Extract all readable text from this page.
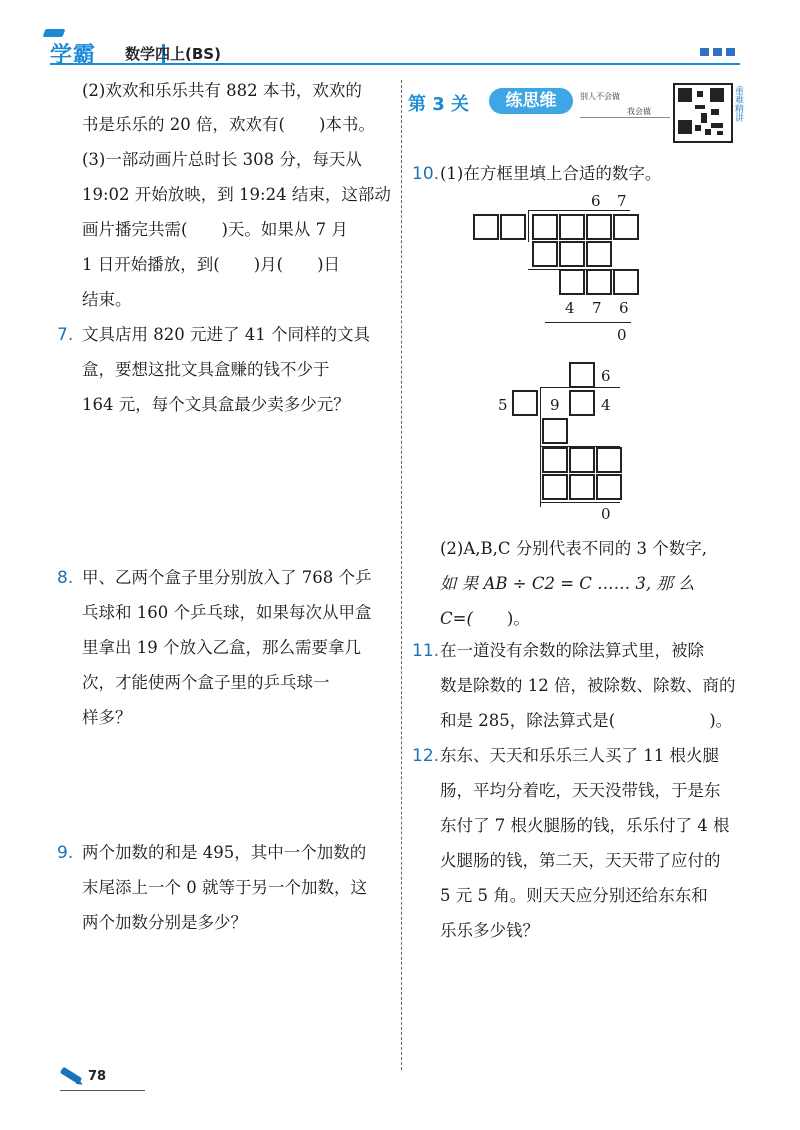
学霸 数学四上(BS)
(2)欢欢和乐乐共有 882 本书，欢欢的
书是乐乐的 20 倍，欢欢有( )本书。
(3)一部动画片总时长 308 分，每天从
19:02 开始放映，到 19:24 结束，这部动
画片播完共需( )天。如果从 7 月
1 日开始播放，到( )月( )日
结束。
7. 文具店用 820 元进了 41 个同样的文具
盒，要想这批文具盒赚的钱不少于
164 元，每个文具盒最少卖多少元？
8. 甲、乙两个盒子里分别放入了 768 个乒
乓球和 160 个乒乓球，如果每次从甲盒
里拿出 19 个放入乙盒，那么需要拿几
次，才能使两个盒子里的乒乓球一
样多？
9. 两个加数的和是 495，其中一个加数的
末尾添上一个 0 就等于另一个加数，这
两个加数分别是多少？
第 3 关	练思维	别人不会做
我会做	重难精讲
10. (1)在方框里填上合适的数字。
6 7
4 7 6
0
6
5	9	4
0
(2)A,B,C 分别代表不同的 3 个数字,
如 果 AB ÷ C2 = C …… 3, 那 么
C=( )。
11. 在一道没有余数的除法算式里，被除
数是除数的 12 倍，被除数、除数、商的
和是 285，除法算式是(	)。
12. 东东、天天和乐乐三人买了 11 根火腿
肠，平均分着吃，天天没带钱，于是东
东付了 7 根火腿肠的钱，乐乐付了 4 根
火腿肠的钱，第二天，天天带了应付的
5 元 5 角。则天天应分别还给东东和
乐乐多少钱？
78
